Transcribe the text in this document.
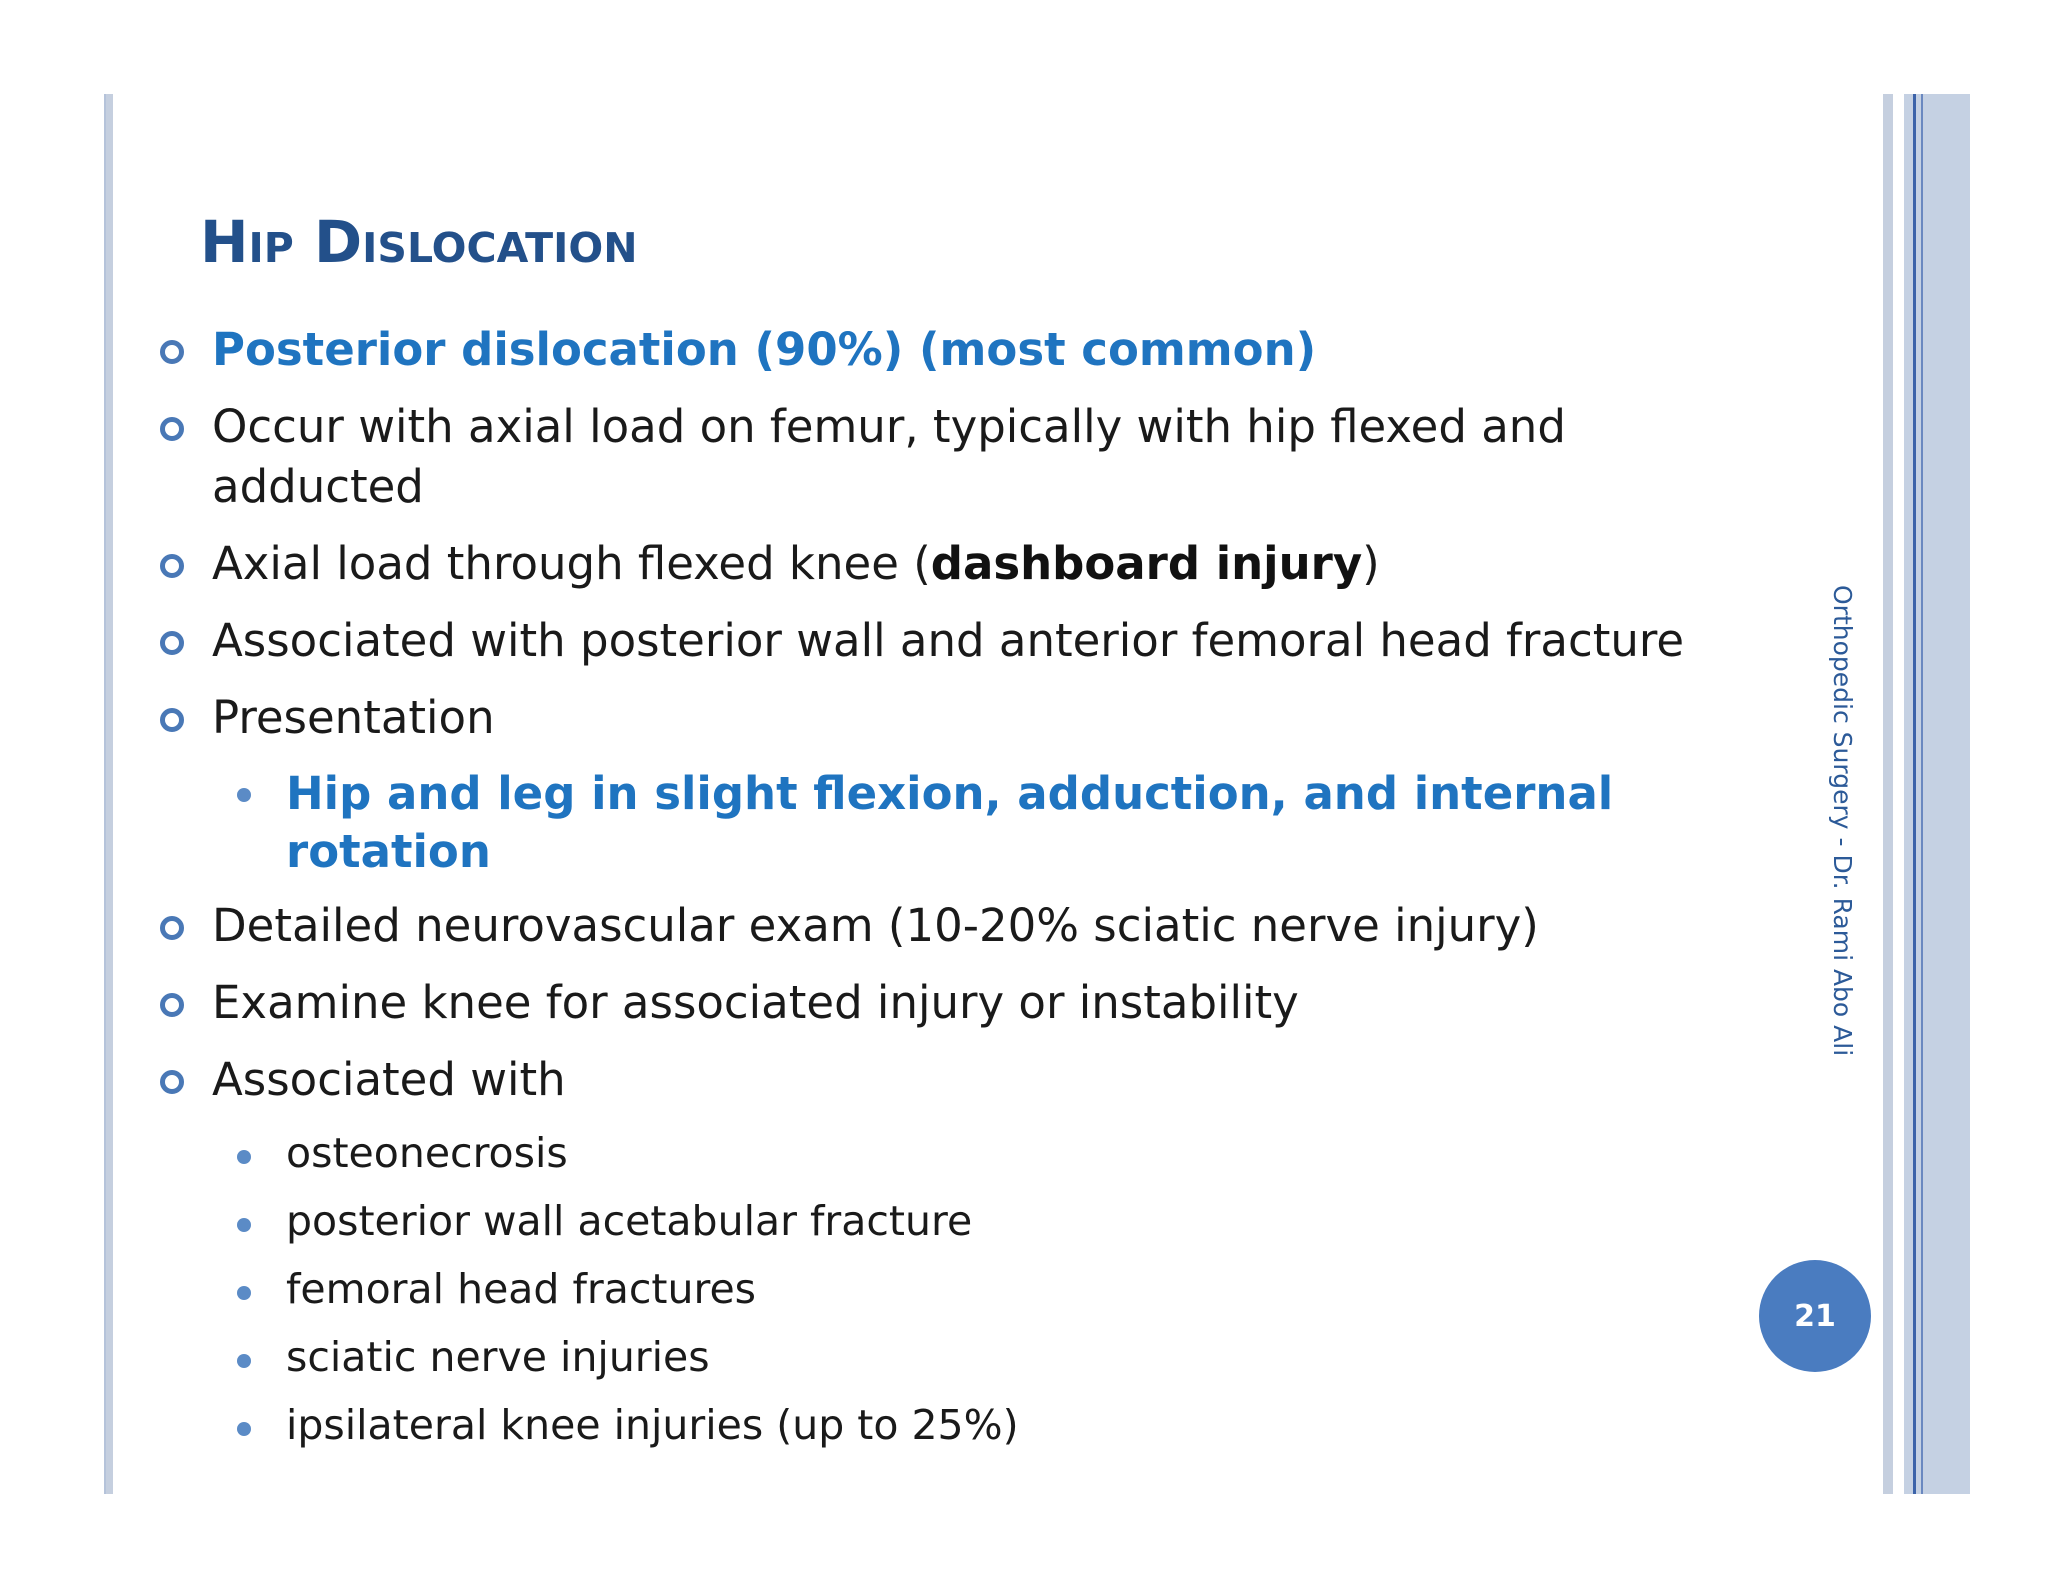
Hip Dislocation
Posterior dislocation (90%) (most common)
Occur with axial load on femur, typically with hip flexed and adducted
Axial load through flexed knee (dashboard injury)
Associated with posterior wall and anterior femoral head fracture
Presentation
Hip and leg in slight flexion, adduction, and internal rotation
Detailed neurovascular exam (10-20% sciatic nerve injury)
Examine knee for associated injury or instability
Associated with
osteonecrosis
posterior wall acetabular fracture
femoral head fractures
sciatic nerve injuries
ipsilateral knee injuries (up to 25%)
Orthopedic Surgery - Dr. Rami Abo Ali
21
